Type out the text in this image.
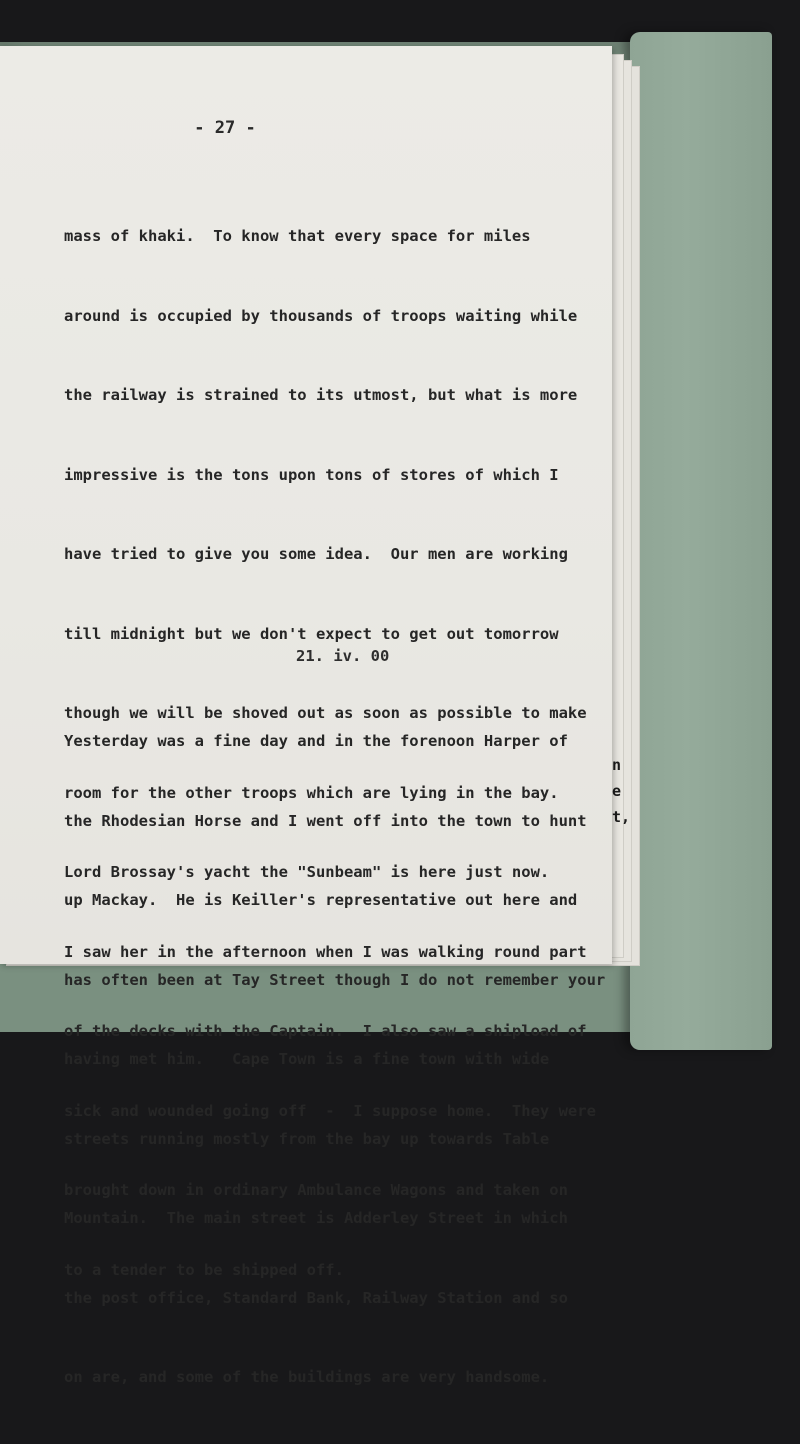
n
e
t,
- 27 -

mass of khaki.  To know that every space for miles

around is occupied by thousands of troops waiting while

the railway is strained to its utmost, but what is more

impressive is the tons upon tons of stores of which I

have tried to give you some idea.  Our men are working

till midnight but we don't expect to get out tomorrow

though we will be shoved out as soon as possible to make

room for the other troops which are lying in the bay.

Lord Brossay's yacht the "Sunbeam" is here just now.

I saw her in the afternoon when I was walking round part

of the decks with the Captain.  I also saw a shipload of

sick and wounded going off  -  I suppose home.  They were

brought down in ordinary Ambulance Wagons and taken on

to a tender to be shipped off.

21. iv. 00

Yesterday was a fine day and in the forenoon Harper of

the Rhodesian Horse and I went off into the town to hunt

up Mackay.  He is Keiller's representative out here and

has often been at Tay Street though I do not remember your

having met him.   Cape Town is a fine town with wide

streets running mostly from the bay up towards Table

Mountain.  The main street is Adderley Street in which

the post office, Standard Bank, Railway Station and so

on are, and some of the buildings are very handsome.
